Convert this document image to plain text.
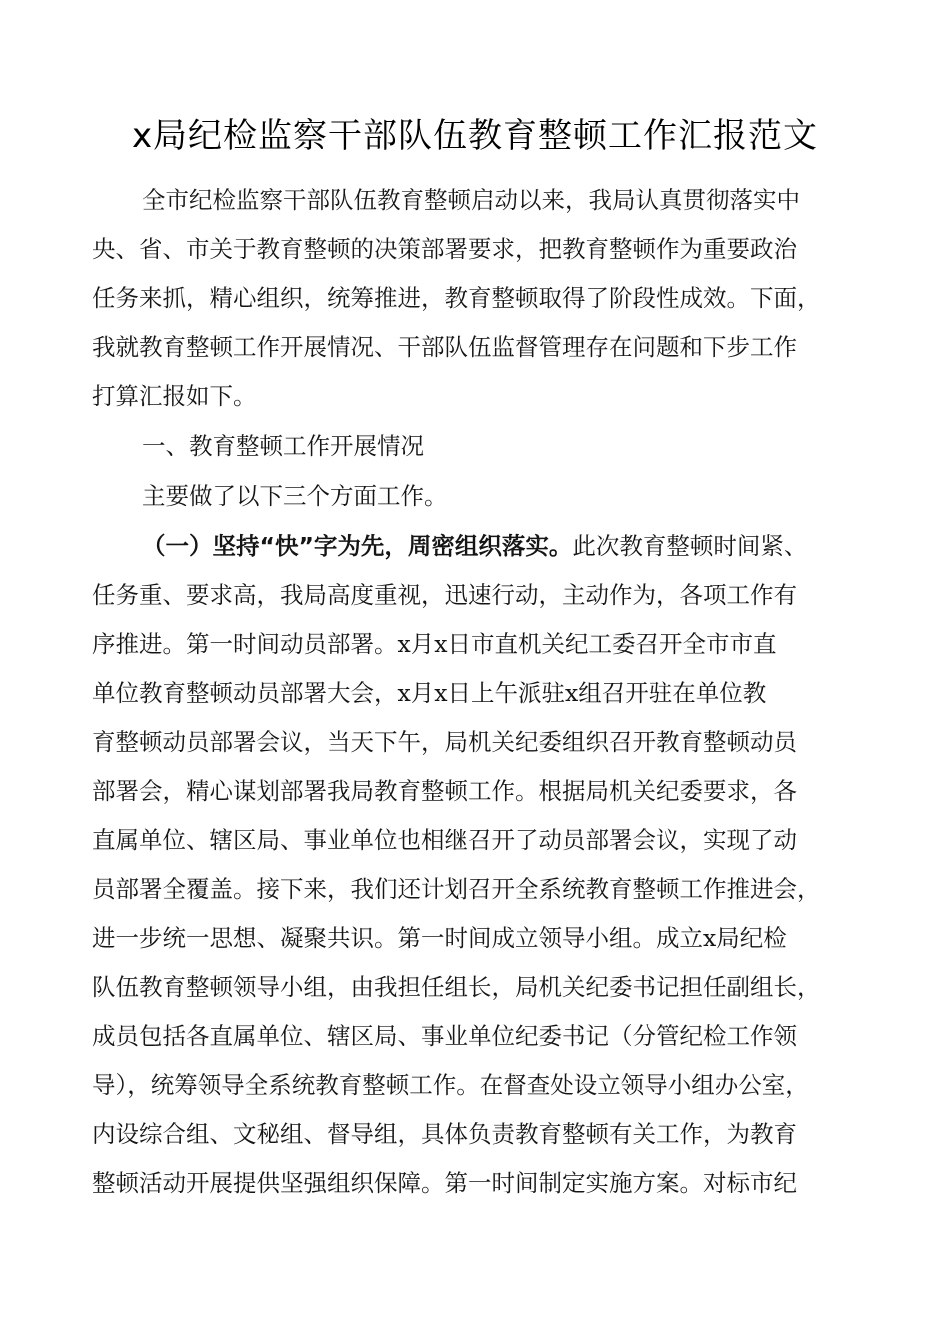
x局纪检监察干部队伍教育整顿工作汇报范文
全市纪检监察干部队伍教育整顿启动以来，我局认真贯彻落实中
央、省、市关于教育整顿的决策部署要求，把教育整顿作为重要政治
任务来抓，精心组织，统筹推进，教育整顿取得了阶段性成效。下面，
我就教育整顿工作开展情况、干部队伍监督管理存在问题和下步工作
打算汇报如下。
一、教育整顿工作开展情况
主要做了以下三个方面工作。
（一）坚持“快”字为先，周密组织落实。此次教育整顿时间紧、
任务重、要求高，我局高度重视，迅速行动，主动作为，各项工作有
序推进。第一时间动员部署。x月x日市直机关纪工委召开全市市直
单位教育整顿动员部署大会，x月x日上午派驻x组召开驻在单位教
育整顿动员部署会议，当天下午，局机关纪委组织召开教育整顿动员
部署会，精心谋划部署我局教育整顿工作。根据局机关纪委要求，各
直属单位、辖区局、事业单位也相继召开了动员部署会议，实现了动
员部署全覆盖。接下来，我们还计划召开全系统教育整顿工作推进会，
进一步统一思想、凝聚共识。第一时间成立领导小组。成立x局纪检
队伍教育整顿领导小组，由我担任组长，局机关纪委书记担任副组长，
成员包括各直属单位、辖区局、事业单位纪委书记（分管纪检工作领
导），统筹领导全系统教育整顿工作。在督查处设立领导小组办公室，
内设综合组、文秘组、督导组，具体负责教育整顿有关工作，为教育
整顿活动开展提供坚强组织保障。第一时间制定实施方案。对标市纪
